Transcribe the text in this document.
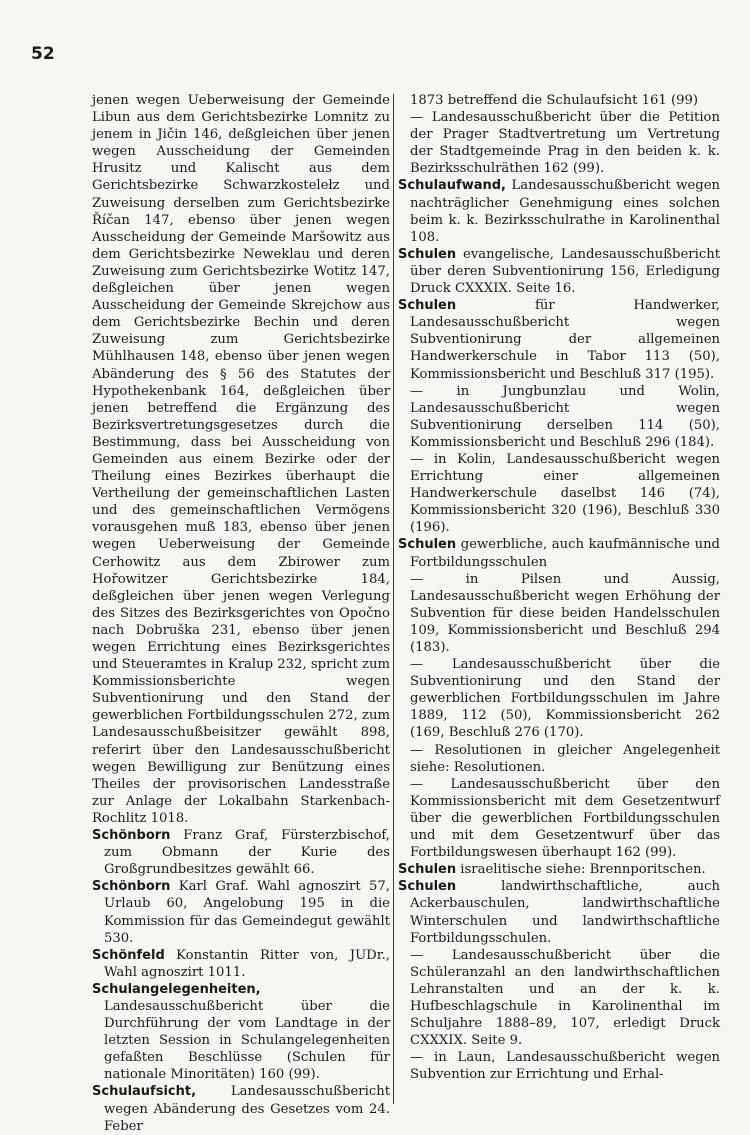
52

jenen wegen Ueberweisung der Gemeinde Libun aus dem Gerichtsbezirke Lomnitz zu jenem in Jičin 146, deßgleichen über jenen wegen Ausscheidung der Gemeinden Hrusitz und Kalischt aus dem Gerichtsbezirke Schwarzkostelełz und Zuweisung derselben zum Gerichtsbezirke Říčan 147, ebenso über jenen wegen Ausscheidung der Gemeinde Maršowitz aus dem Gerichtsbezirke Neweklau und deren Zuweisung zum Gerichtsbezirke Wotitz 147, deßgleichen über jenen wegen Ausscheidung der Gemeinde Skrejchow aus dem Gerichtsbezirke Bechin und deren Zuweisung zum Gerichtsbezirke Mühlhausen 148, ebenso über jenen wegen Abänderung des § 56 des Statutes der Hypothekenbank 164, deßgleichen über jenen betreffend die Ergänzung des Bezirksvertretungsgesetzes durch die Bestimmung, dass bei Ausscheidung von Gemeinden aus einem Bezirke oder der Theilung eines Bezirkes überhaupt die Vertheilung der gemeinschaftlichen Lasten und des gemeinschaftlichen Vermögens vorausgehen muß 183, ebenso über jenen wegen Ueberweisung der Gemeinde Cerhowitz aus dem Zbirower zum Hořowitzer Gerichtsbezirke 184, deßgleichen über jenen wegen Verlegung des Sitzes des Bezirksgerichtes von Opočno nach Dobruška 231, ebenso über jenen wegen Errichtung eines Bezirksgerichtes und Steueramtes in Kralup 232, spricht zum Kommissionsberichte wegen Subventionirung und den Stand der gewerblichen Fortbildungsschulen 272, zum Landesausschußbeisitzer gewählt 898, referirt über den Landesausschußbericht wegen Bewilligung zur Benützung eines Theiles der provisorischen Landesstraße zur Anlage der Lokalbahn Starkenbach-Rochlitz 1018.

Schönborn Franz Graf, Fürsterzbischof, zum Obmann der Kurie des Großgrundbesitzes gewählt 66.

Schönborn Karl Graf. Wahl agnoszirt 57, Urlaub 60, Angelobung 195 in die Kommission für das Gemeindegut gewählt 530.

Schönfeld Konstantin Ritter von, JUDr., Wahl agnoszirt 1011.

Schulangelegenheiten, Landesausschußbericht über die Durchführung der vom Landtage in der letzten Session in Schulangelegenheiten gefaßten Beschlüsse (Schulen für nationale Minoritäten) 160 (99).

Schulaufsicht, Landesausschußbericht wegen Abänderung des Gesetzes vom 24. Feber

1873 betreffend die Schulaufsicht 161 (99)

— Landesausschußbericht über die Petition der Prager Stadtvertretung um Vertretung der Stadtgemeinde Prag in den beiden k. k. Bezirksschulräthen 162 (99).

Schulaufwand, Landesausschußbericht wegen nachträglicher Genehmigung eines solchen beim k. k. Bezirksschulrathe in Karolinenthal 108.

Schulen evangelische, Landesausschußbericht über deren Subventionirung 156, Erledigung Druck CXXXIX. Seite 16.

Schulen für Handwerker, Landesausschußbericht wegen Subventionirung der allgemeinen Handwerkerschule in Tabor 113 (50), Kommissionsbericht und Beschluß 317 (195).

— in Jungbunzlau und Wolin, Landesausschußbericht wegen Subventionirung derselben 114 (50), Kommissionsbericht und Beschluß 296 (184).

— in Kolin, Landesausschußbericht wegen Errichtung einer allgemeinen Handwerkerschule daselbst 146 (74), Kommissionsbericht 320 (196), Beschluß 330 (196).

Schulen gewerbliche, auch kaufmännische und Fortbildungsschulen

— in Pilsen und Aussig, Landesausschußbericht wegen Erhöhung der Subvention für diese beiden Handelsschulen 109, Kommissionsbericht und Beschluß 294 (183).

— Landesausschußbericht über die Subventionirung und den Stand der gewerblichen Fortbildungsschulen im Jahre 1889, 112 (50), Kommissionsbericht 262 (169, Beschluß 276 (170).

— Resolutionen in gleicher Angelegenheit siehe: Resolutionen.

— Landesausschußbericht über den Kommissionsbericht mit dem Gesetzentwurf über die gewerblichen Fortbildungsschulen und mit dem Gesetzentwurf über das Fortbildungswesen überhaupt 162 (99).

Schulen israelitische siehe: Brennporitschen.

Schulen landwirthschaftliche, auch Ackerbauschulen, landwirthschaftliche Winterschulen und landwirthschaftliche Fortbildungsschulen.

— Landesausschußbericht über die Schüleranzahl an den landwirthschaftlichen Lehranstalten und an der k. k. Hufbeschlagschule in Karolinenthal im Schuljahre 1888–89, 107, erledigt Druck CXXXIX. Seite 9.

— in Laun, Landesausschußbericht wegen Subvention zur Errichtung und Erhal-
